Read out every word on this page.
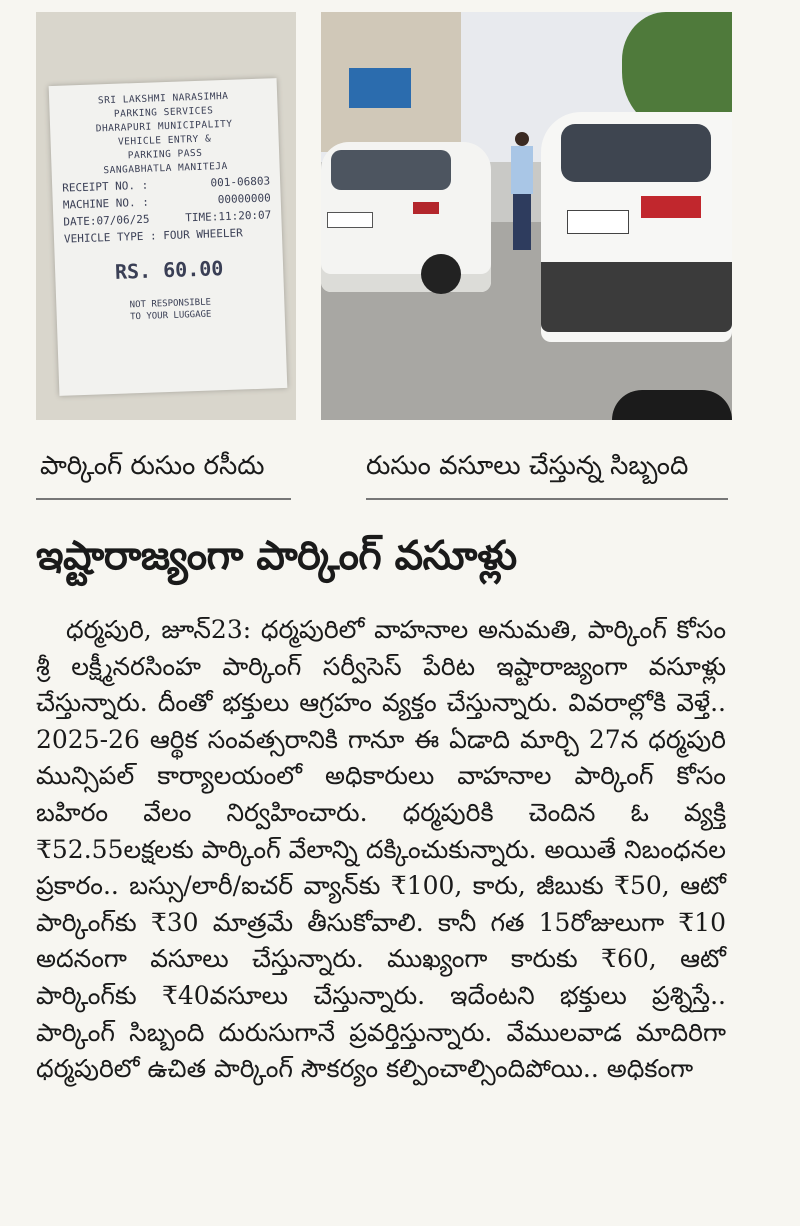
SRI LAKSHMI NARASIMHA
PARKING SERVICES
DHARAPURI MUNICIPALITY
VEHICLE ENTRY &
PARKING PASS
SANGABHATLA MANITEJA
RECEIPT NO. :	001-06803
MACHINE NO. :	00000000
DATE:07/06/25	TIME:11:20:07
VEHICLE TYPE : FOUR WHEELER
RS. 60.00
NOT RESPONSIBLE
TO YOUR LUGGAGE
పార్కింగ్ రుసుం రసీదు	రుసుం వసూలు చేస్తున్న సిబ్బంది
ఇష్టారాజ్యంగా పార్కింగ్ వసూళ్లు

ధర్మపురి, జూన్23: ధర్మపురిలో వాహనాల అనుమతి, పార్కింగ్ కోసం శ్రీ లక్ష్మీనరసింహ పార్కింగ్ సర్వీసెస్ పేరిట ఇష్టారాజ్యంగా వసూళ్లు చేస్తున్నారు. దీంతో భక్తులు ఆగ్రహం వ్యక్తం చేస్తున్నారు. వివరాల్లోకి వెళ్తే.. 2025-26 ఆర్థిక సంవత్సరానికి గానూ ఈ ఏడాది మార్చి 27న ధర్మపురి మున్సిపల్ కార్యాలయంలో అధికారులు వాహనాల పార్కింగ్ కోసం బహిరం వేలం నిర్వహించారు. ధర్మపురికి చెందిన ఓ వ్యక్తి ₹52.55లక్షలకు పార్కింగ్ వేలాన్ని దక్కించుకున్నారు. అయితే నిబంధనల ప్రకారం.. బస్సు/లారీ/ఐచర్ వ్యాన్‌కు ₹100, కారు, జీబుకు ₹50, ఆటో పార్కింగ్‌కు ₹30 మాత్రమే తీసుకోవాలి. కానీ గత 15రోజులుగా ₹10 అదనంగా వసూలు చేస్తున్నారు. ముఖ్యంగా కారుకు ₹60, ఆటో పార్కింగ్‌కు ₹40వసూలు చేస్తున్నారు. ఇదేంటని భక్తులు ప్రశ్నిస్తే.. పార్కింగ్ సిబ్బంది దురుసుగానే ప్రవర్తిస్తున్నారు. వేములవాడ మాదిరిగా ధర్మపురిలో ఉచిత పార్కింగ్ సౌకర్యం కల్పించాల్సిందిపోయి.. అధికంగా
